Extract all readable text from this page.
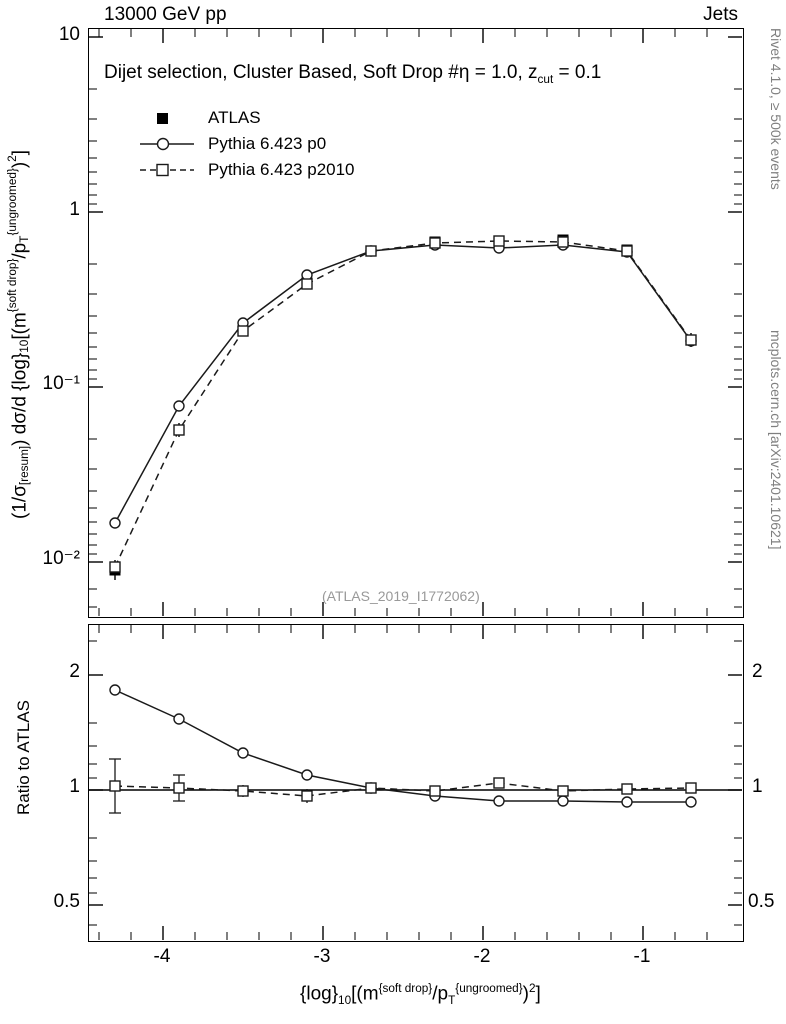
13000 GeV pp	Jets
Rivet 4.1.0, ≥ 500k events
mcplots.cern.ch [arXiv:2401.10621]
10
1
10⁻¹
10⁻²
Dijet selection, Cluster Based, Soft Drop #η = 1.0, $z_{cut} = 0.1$
(ATLAS_2019_I1772062)
ATLAS
Pythia 6.423 p0
Pythia 6.423 p2010
$(1/\sigma_{[resum]})$ dσ/d $\{\log\}_{10}[(m^{\{soft drop\}}/p_T^{\{ungroomed\}})^2]$
2
1
0.5
2
1
0.5
-4	-3	-2	-1
Ratio to ATLAS
$\{\log\}_{10}[(m^{\{soft drop\}}/p_T^{\{ungroomed\}})^2]$
